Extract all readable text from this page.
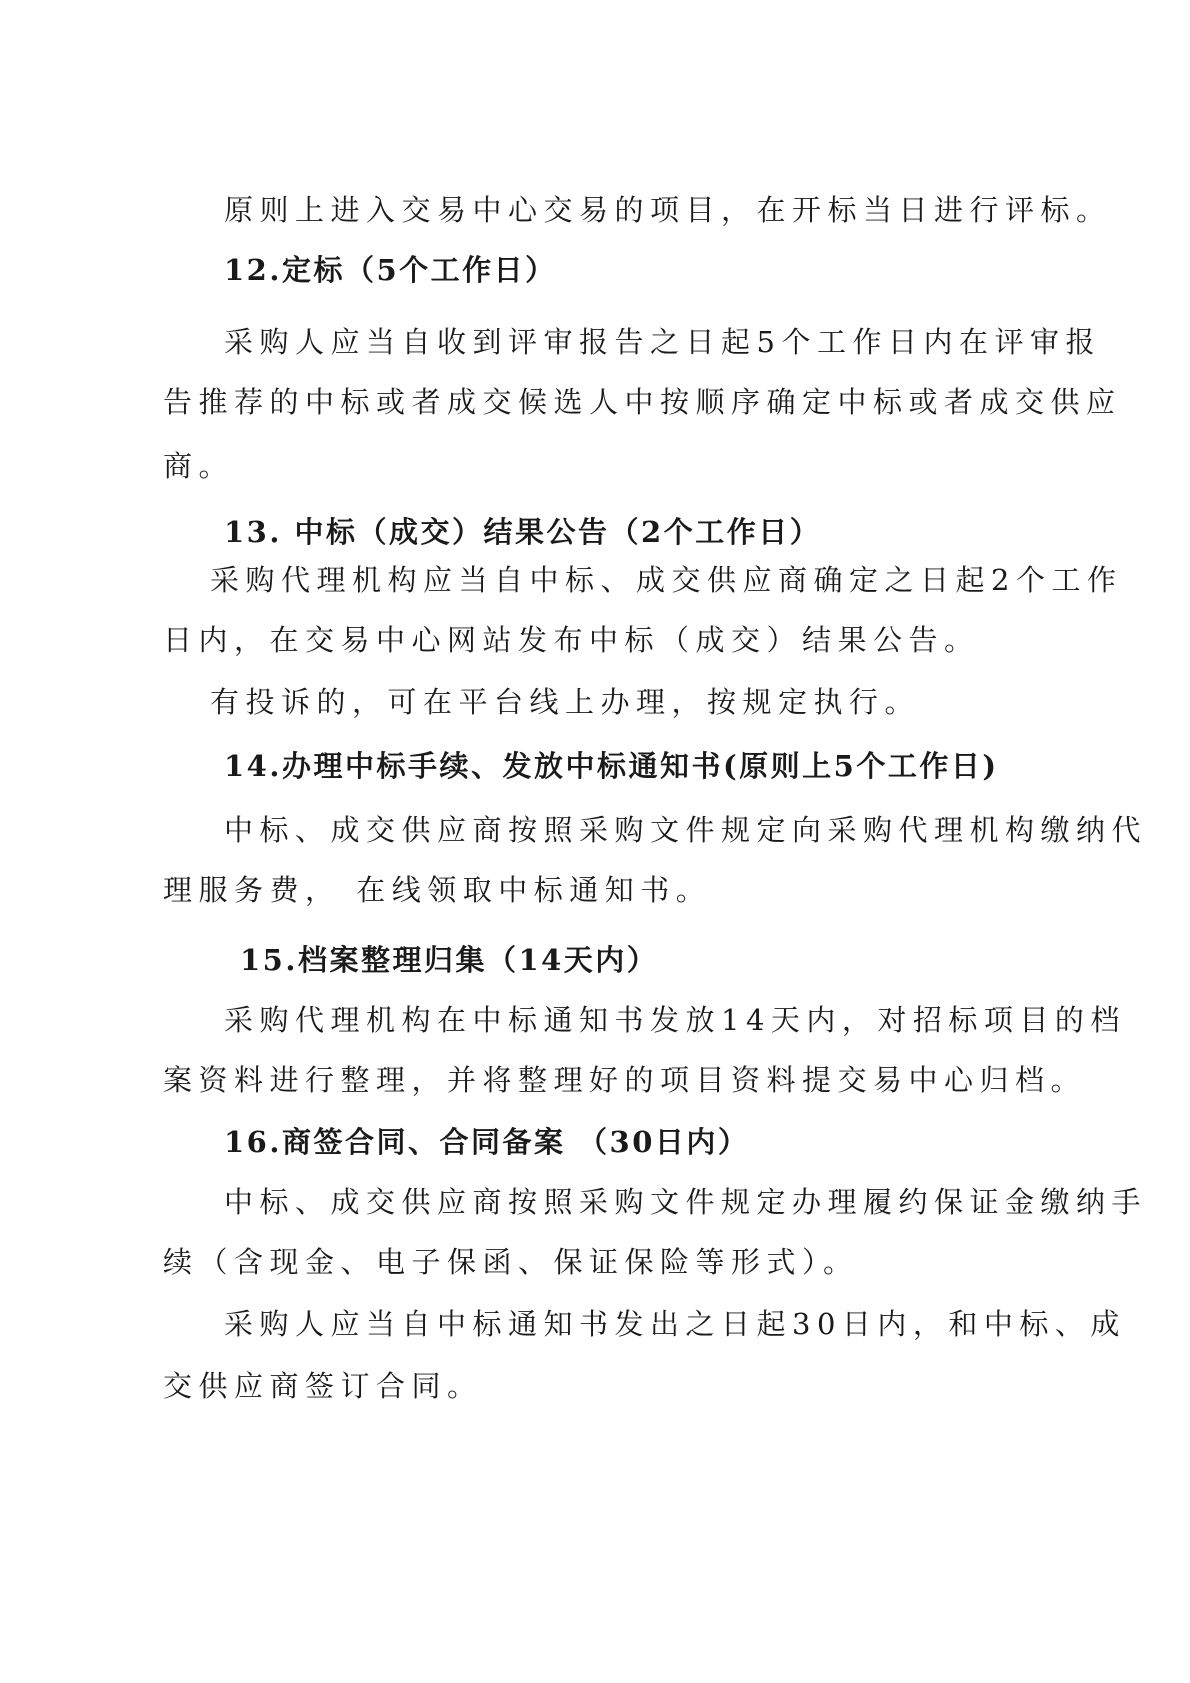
原则上进入交易中心交易的项目，在开标当日进行评标。

12.定标（5个工作日）

采购人应当自收到评审报告之日起5个工作日内在评审报

告推荐的中标或者成交候选人中按顺序确定中标或者成交供应

商。

13. 中标（成交）结果公告（2个工作日）

采购代理机构应当自中标、成交供应商确定之日起2个工作

日内，在交易中心网站发布中标（成交）结果公告。

有投诉的，可在平台线上办理，按规定执行。

14.办理中标手续、发放中标通知书(原则上5个工作日)

中标、成交供应商按照采购文件规定向采购代理机构缴纳代

理服务费， 在线领取中标通知书。

15.档案整理归集（14天内）

采购代理机构在中标通知书发放14天内，对招标项目的档

案资料进行整理，并将整理好的项目资料提交易中心归档。

16.商签合同、合同备案 （30日内）

中标、成交供应商按照采购文件规定办理履约保证金缴纳手

续（含现金、电子保函、保证保险等形式）。

采购人应当自中标通知书发出之日起30日内，和中标、成

交供应商签订合同。
